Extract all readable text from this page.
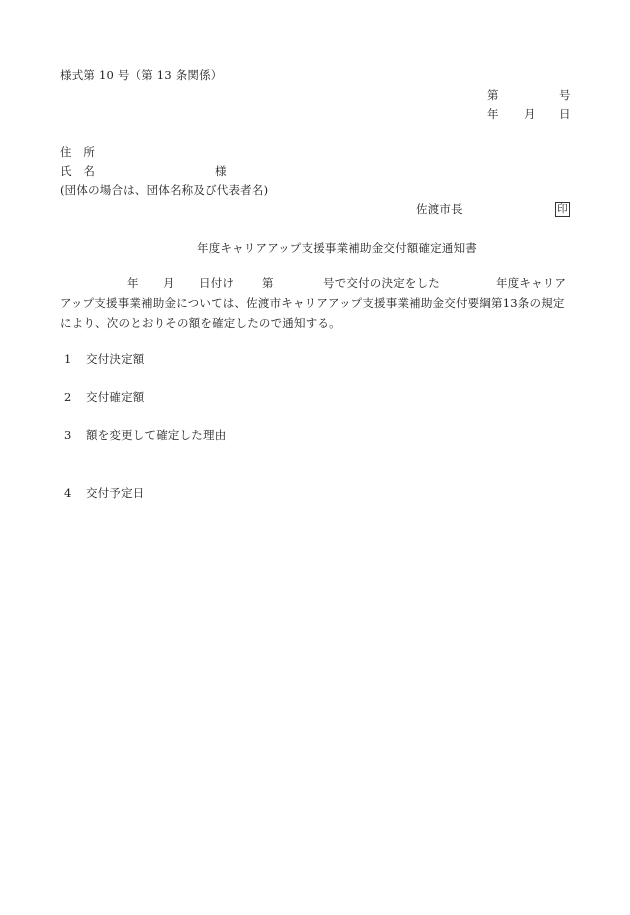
様式第 10 号（第 13 条関係）
第	号
年 月 日
住　所
氏　名	様
(団体の場合は、団体名称及び代表者名)
佐渡市長	印
年度キャリアアップ支援事業補助金交付額確定通知書
年 月 日付け 第	号で交付の決定をした	年度キャリア
アップ支援事業補助金については、佐渡市キャリアアップ支援事業補助金交付要綱第13条の規定
により、次のとおりその額を確定したので通知する。
1 交付決定額
2 交付確定額
3 額を変更して確定した理由
4 交付予定日
